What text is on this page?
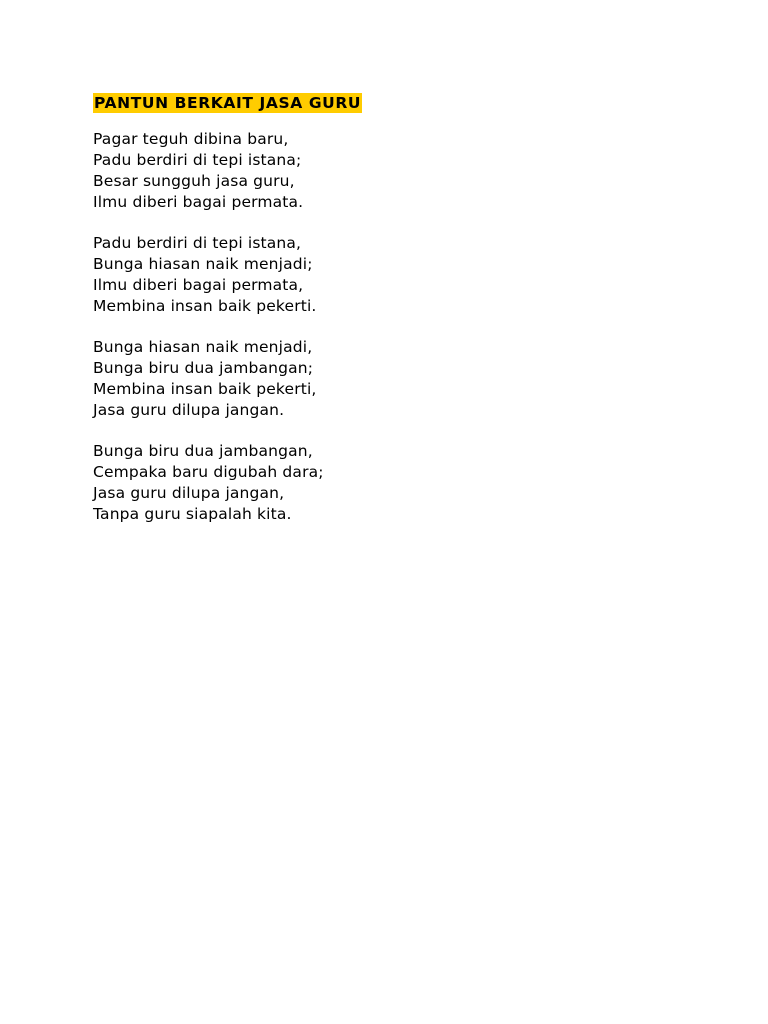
PANTUN BERKAIT JASA GURU
Pagar teguh dibina baru,
Padu berdiri di tepi istana;
Besar sungguh jasa guru,
Ilmu diberi bagai permata.
Padu berdiri di tepi istana,
Bunga hiasan naik menjadi;
Ilmu diberi bagai permata,
Membina insan baik pekerti.
Bunga hiasan naik menjadi,
Bunga biru dua jambangan;
Membina insan baik pekerti,
Jasa guru dilupa jangan.
Bunga biru dua jambangan,
Cempaka baru digubah dara;
Jasa guru dilupa jangan,
Tanpa guru siapalah kita.
